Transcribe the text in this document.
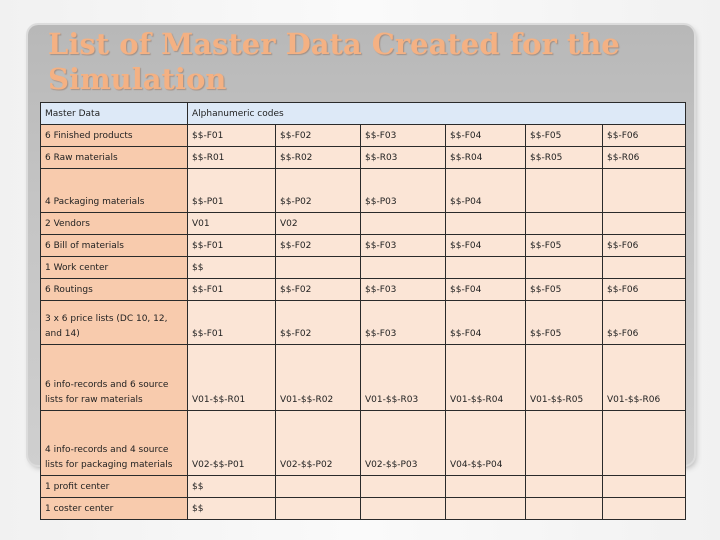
List of Master Data Created for the Simulation
Master Data	Alphanumeric codes					
6 Finished products	$$-F01	$$-F02	$$-F03	$$-F04	$$-F05	$$-F06
6 Raw materials	$$-R01	$$-R02	$$-R03	$$-R04	$$-R05	$$-R06
4 Packaging materials	$$-P01	$$-P02	$$-P03	$$-P04		
2 Vendors	V01	V02				
6 Bill of materials	$$-F01	$$-F02	$$-F03	$$-F04	$$-F05	$$-F06
1 Work center	$$					
6 Routings	$$-F01	$$-F02	$$-F03	$$-F04	$$-F05	$$-F06
3 x 6 price lists (DC 10, 12, and 14)	$$-F01	$$-F02	$$-F03	$$-F04	$$-F05	$$-F06
6 info-records and 6 source lists for raw materials	V01-$$-R01	V01-$$-R02	V01-$$-R03	V01-$$-R04	V01-$$-R05	V01-$$-R06
4 info-records and 4 source lists for packaging materials	V02-$$-P01	V02-$$-P02	V02-$$-P03	V04-$$-P04		
1 profit center	$$					
1 coster center	$$					
